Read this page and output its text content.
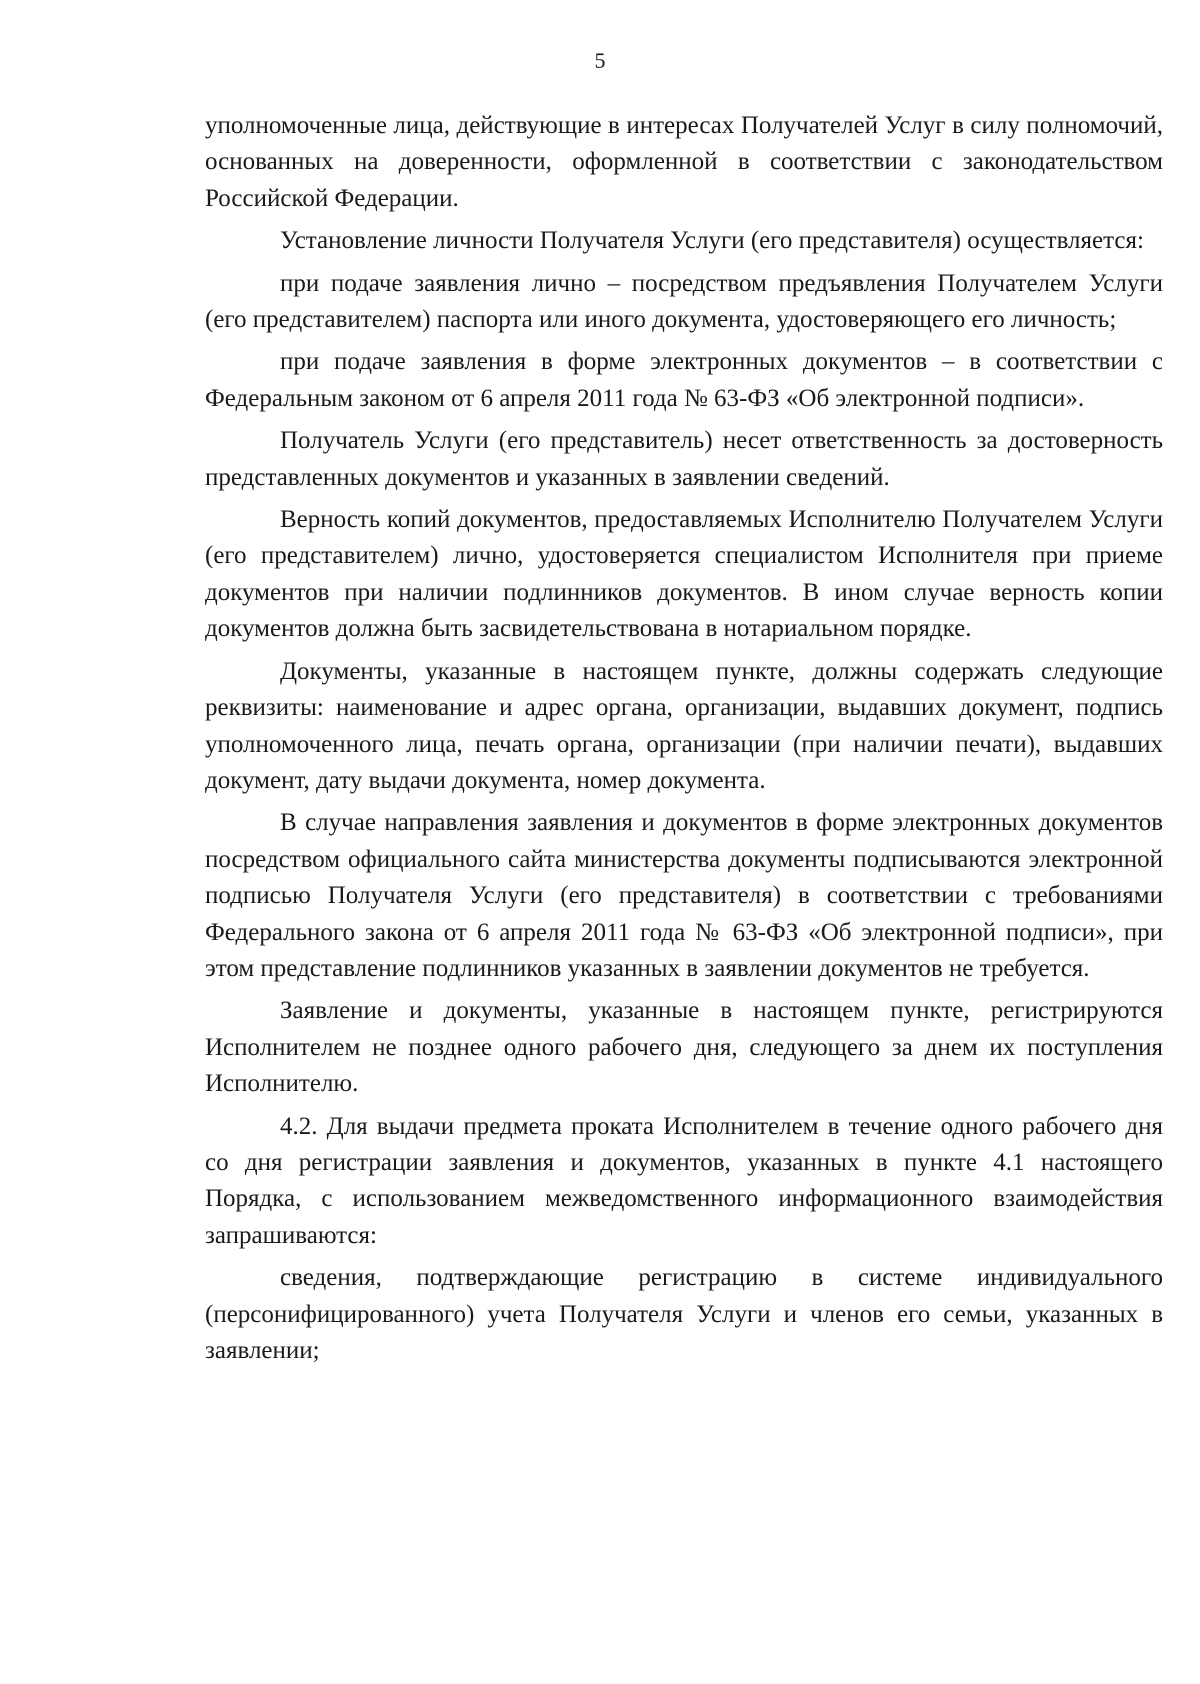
5

уполномоченные лица, действующие в интересах Получателей Услуг в силу полномочий, основанных на доверенности, оформленной в соответствии с законодательством Российской Федерации.

Установление личности Получателя Услуги (его представителя) осуществляется:

при подаче заявления лично – посредством предъявления Получателем Услуги (его представителем) паспорта или иного документа, удостоверяющего его личность;

при подаче заявления в форме электронных документов – в соответствии с Федеральным законом от 6 апреля 2011 года № 63-ФЗ «Об электронной подписи».

Получатель Услуги (его представитель) несет ответственность за достоверность представленных документов и указанных в заявлении сведений.

Верность копий документов, предоставляемых Исполнителю Получателем Услуги (его представителем) лично, удостоверяется специалистом Исполнителя при приеме документов при наличии подлинников документов. В ином случае верность копии документов должна быть засвидетельствована в нотариальном порядке.

Документы, указанные в настоящем пункте, должны содержать следующие реквизиты: наименование и адрес органа, организации, выдавших документ, подпись уполномоченного лица, печать органа, организации (при наличии печати), выдавших документ, дату выдачи документа, номер документа.

В случае направления заявления и документов в форме электронных документов посредством официального сайта министерства документы подписываются электронной подписью Получателя Услуги (его представителя) в соответствии с требованиями Федерального закона от 6 апреля 2011 года № 63-ФЗ «Об электронной подписи», при этом представление подлинников указанных в заявлении документов не требуется.

Заявление и документы, указанные в настоящем пункте, регистрируются Исполнителем не позднее одного рабочего дня, следующего за днем их поступления Исполнителю.

4.2. Для выдачи предмета проката Исполнителем в течение одного рабочего дня со дня регистрации заявления и документов, указанных в пункте 4.1 настоящего Порядка, с использованием межведомственного информационного взаимодействия запрашиваются:

сведения, подтверждающие регистрацию в системе индивидуального (персонифицированного) учета Получателя Услуги и членов его семьи, указанных в заявлении;
